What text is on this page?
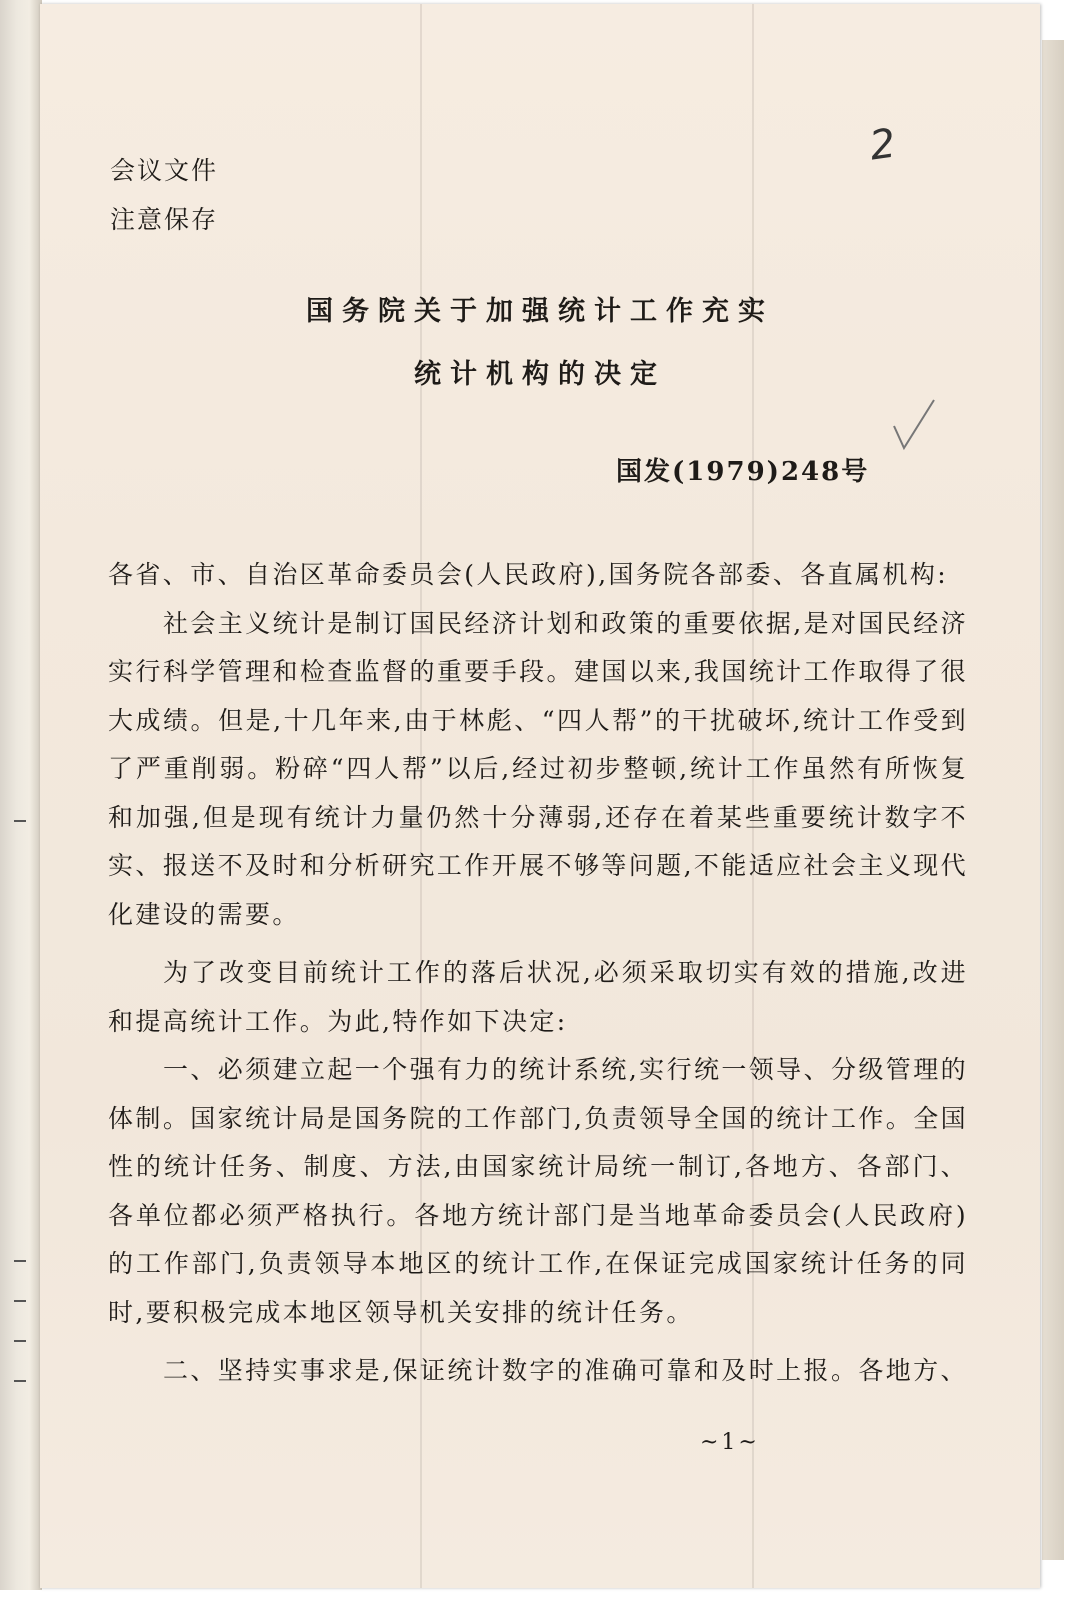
会议文件
注意保存
2
国务院关于加强统计工作充实
统计机构的决定
国发(1979)248号

各省、市、自治区革命委员会(人民政府),国务院各部委、各直属机构:

社会主义统计是制订国民经济计划和政策的重要依据,是对国民经济实行科学管理和检查监督的重要手段。建国以来,我国统计工作取得了很大成绩。但是,十几年来,由于林彪、“四人帮”的干扰破坏,统计工作受到了严重削弱。粉碎“四人帮”以后,经过初步整顿,统计工作虽然有所恢复和加强,但是现有统计力量仍然十分薄弱,还存在着某些重要统计数字不实、报送不及时和分析研究工作开展不够等问题,不能适应社会主义现代化建设的需要。

为了改变目前统计工作的落后状况,必须采取切实有效的措施,改进和提高统计工作。为此,特作如下决定:

一、必须建立起一个强有力的统计系统,实行统一领导、分级管理的体制。国家统计局是国务院的工作部门,负责领导全国的统计工作。全国性的统计任务、制度、方法,由国家统计局统一制订,各地方、各部门、各单位都必须严格执行。各地方统计部门是当地革命委员会(人民政府)的工作部门,负责领导本地区的统计工作,在保证完成国家统计任务的同时,要积极完成本地区领导机关安排的统计任务。

二、坚持实事求是,保证统计数字的准确可靠和及时上报。各地方、

~1~
